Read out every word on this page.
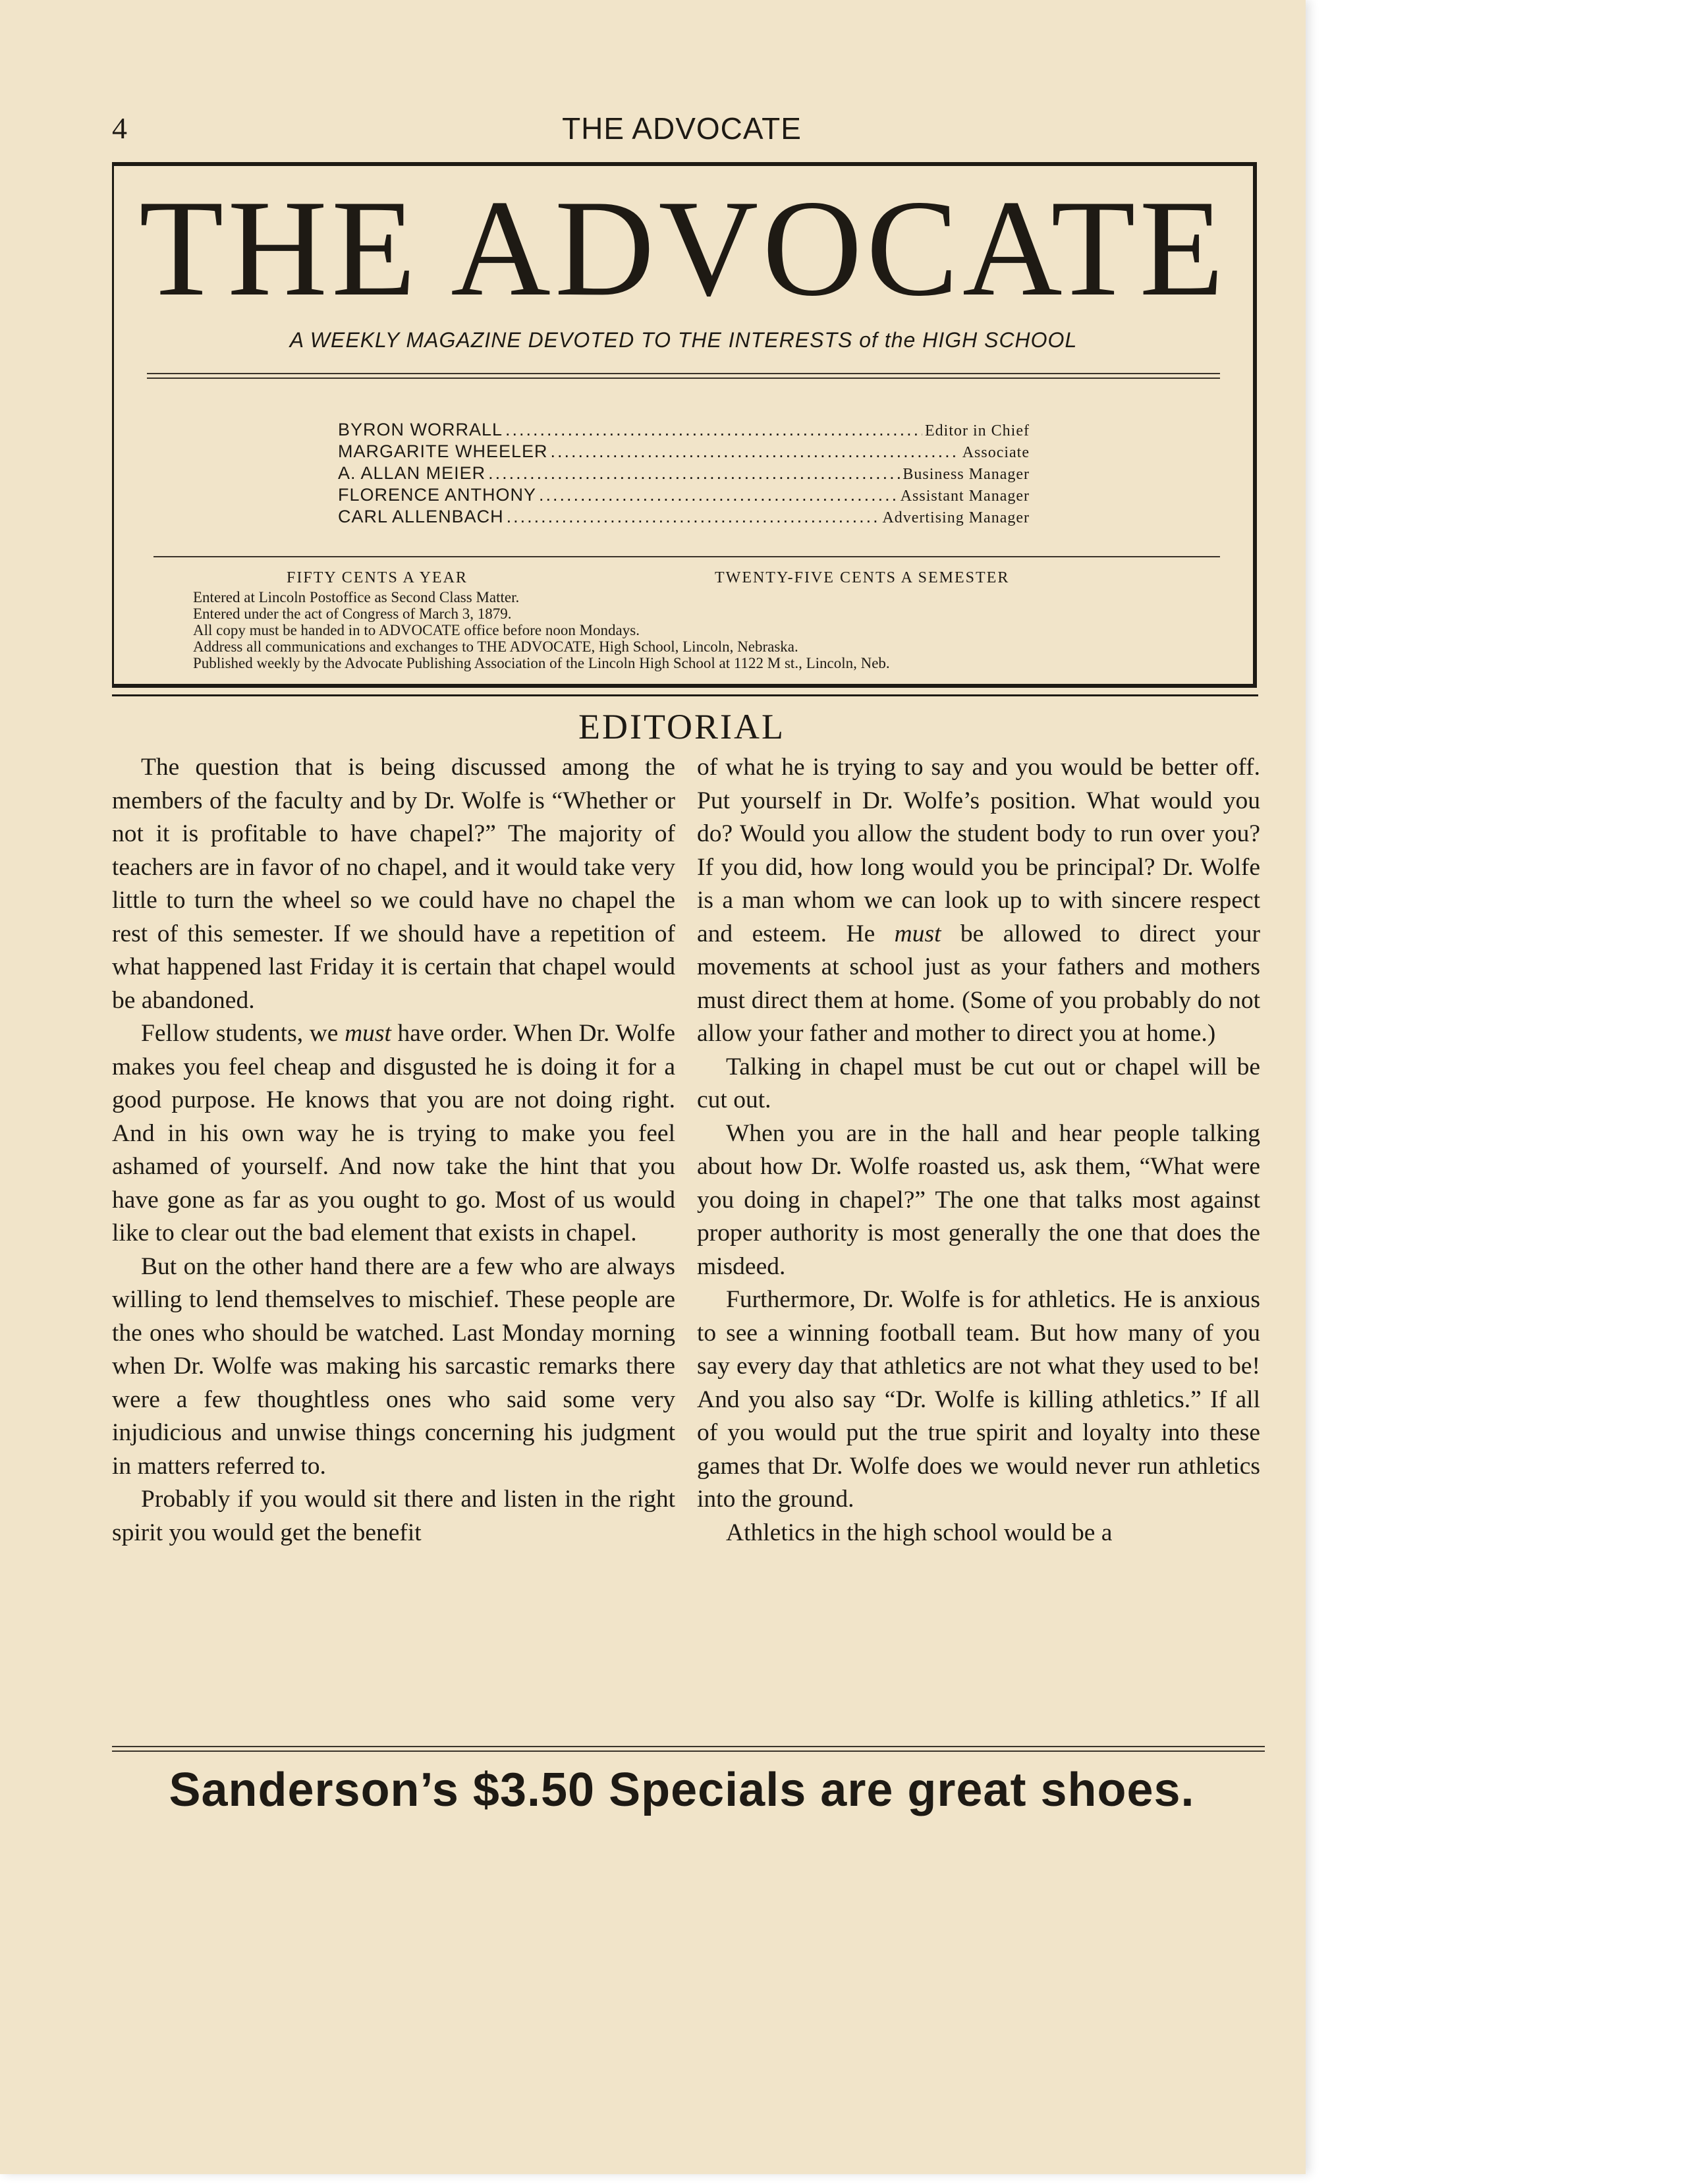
4	THE ADVOCATE
THE ADVOCATE
A WEEKLY MAGAZINE DEVOTED TO THE INTERESTS of the HIGH SCHOOL
BYRON WORRALL .....	Editor in Chief
MARGARITE WHEELER .....	Associate
A. ALLAN MEIER .....	Business Manager
FLORENCE ANTHONY .....	Assistant Manager
CARL ALLENBACH .....	Advertising Manager
FIFTY CENTS A YEAR	TWENTY-FIVE CENTS A SEMESTER
Entered at Lincoln Postoffice as Second Class Matter.
Entered under the act of Congress of March 3, 1879.
All copy must be handed in to ADVOCATE office before noon Mondays.
Address all communications and exchanges to THE ADVOCATE, High School, Lincoln, Nebraska.
Published weekly by the Advocate Publishing Association of the Lincoln High School at 1122 M st., Lincoln, Neb.
EDITORIAL

The question that is being discussed among the members of the faculty and by Dr. Wolfe is “Whether or not it is profitable to have chapel?” The majority of teachers are in favor of no chapel, and it would take very little to turn the wheel so we could have no chapel the rest of this semester. If we should have a repetition of what happened last Friday it is certain that chapel would be abandoned.

Fellow students, we must have order. When Dr. Wolfe makes you feel cheap and disgusted he is doing it for a good purpose. He knows that you are not doing right. And in his own way he is trying to make you feel ashamed of yourself. And now take the hint that you have gone as far as you ought to go. Most of us would like to clear out the bad element that exists in chapel.

But on the other hand there are a few who are always willing to lend themselves to mischief. These people are the ones who should be watched. Last Monday morning when Dr. Wolfe was making his sarcastic remarks there were a few thoughtless ones who said some very injudicious and unwise things concerning his judgment in matters referred to.

Probably if you would sit there and listen in the right spirit you would get the benefit

of what he is trying to say and you would be better off. Put yourself in Dr. Wolfe’s position. What would you do? Would you allow the student body to run over you? If you did, how long would you be principal? Dr. Wolfe is a man whom we can look up to with sincere respect and esteem. He must be allowed to direct your movements at school just as your fathers and mothers must direct them at home. (Some of you probably do not allow your father and mother to direct you at home.)

Talking in chapel must be cut out or chapel will be cut out.

When you are in the hall and hear people talking about how Dr. Wolfe roasted us, ask them, “What were you doing in chapel?” The one that talks most against proper authority is most generally the one that does the misdeed.

Furthermore, Dr. Wolfe is for athletics. He is anxious to see a winning football team. But how many of you say every day that athletics are not what they used to be! And you also say “Dr. Wolfe is killing athletics.” If all of you would put the true spirit and loyalty into these games that Dr. Wolfe does we would never run athletics into the ground.

Athletics in the high school would be a

Sanderson’s $3.50 Specials are great shoes.
